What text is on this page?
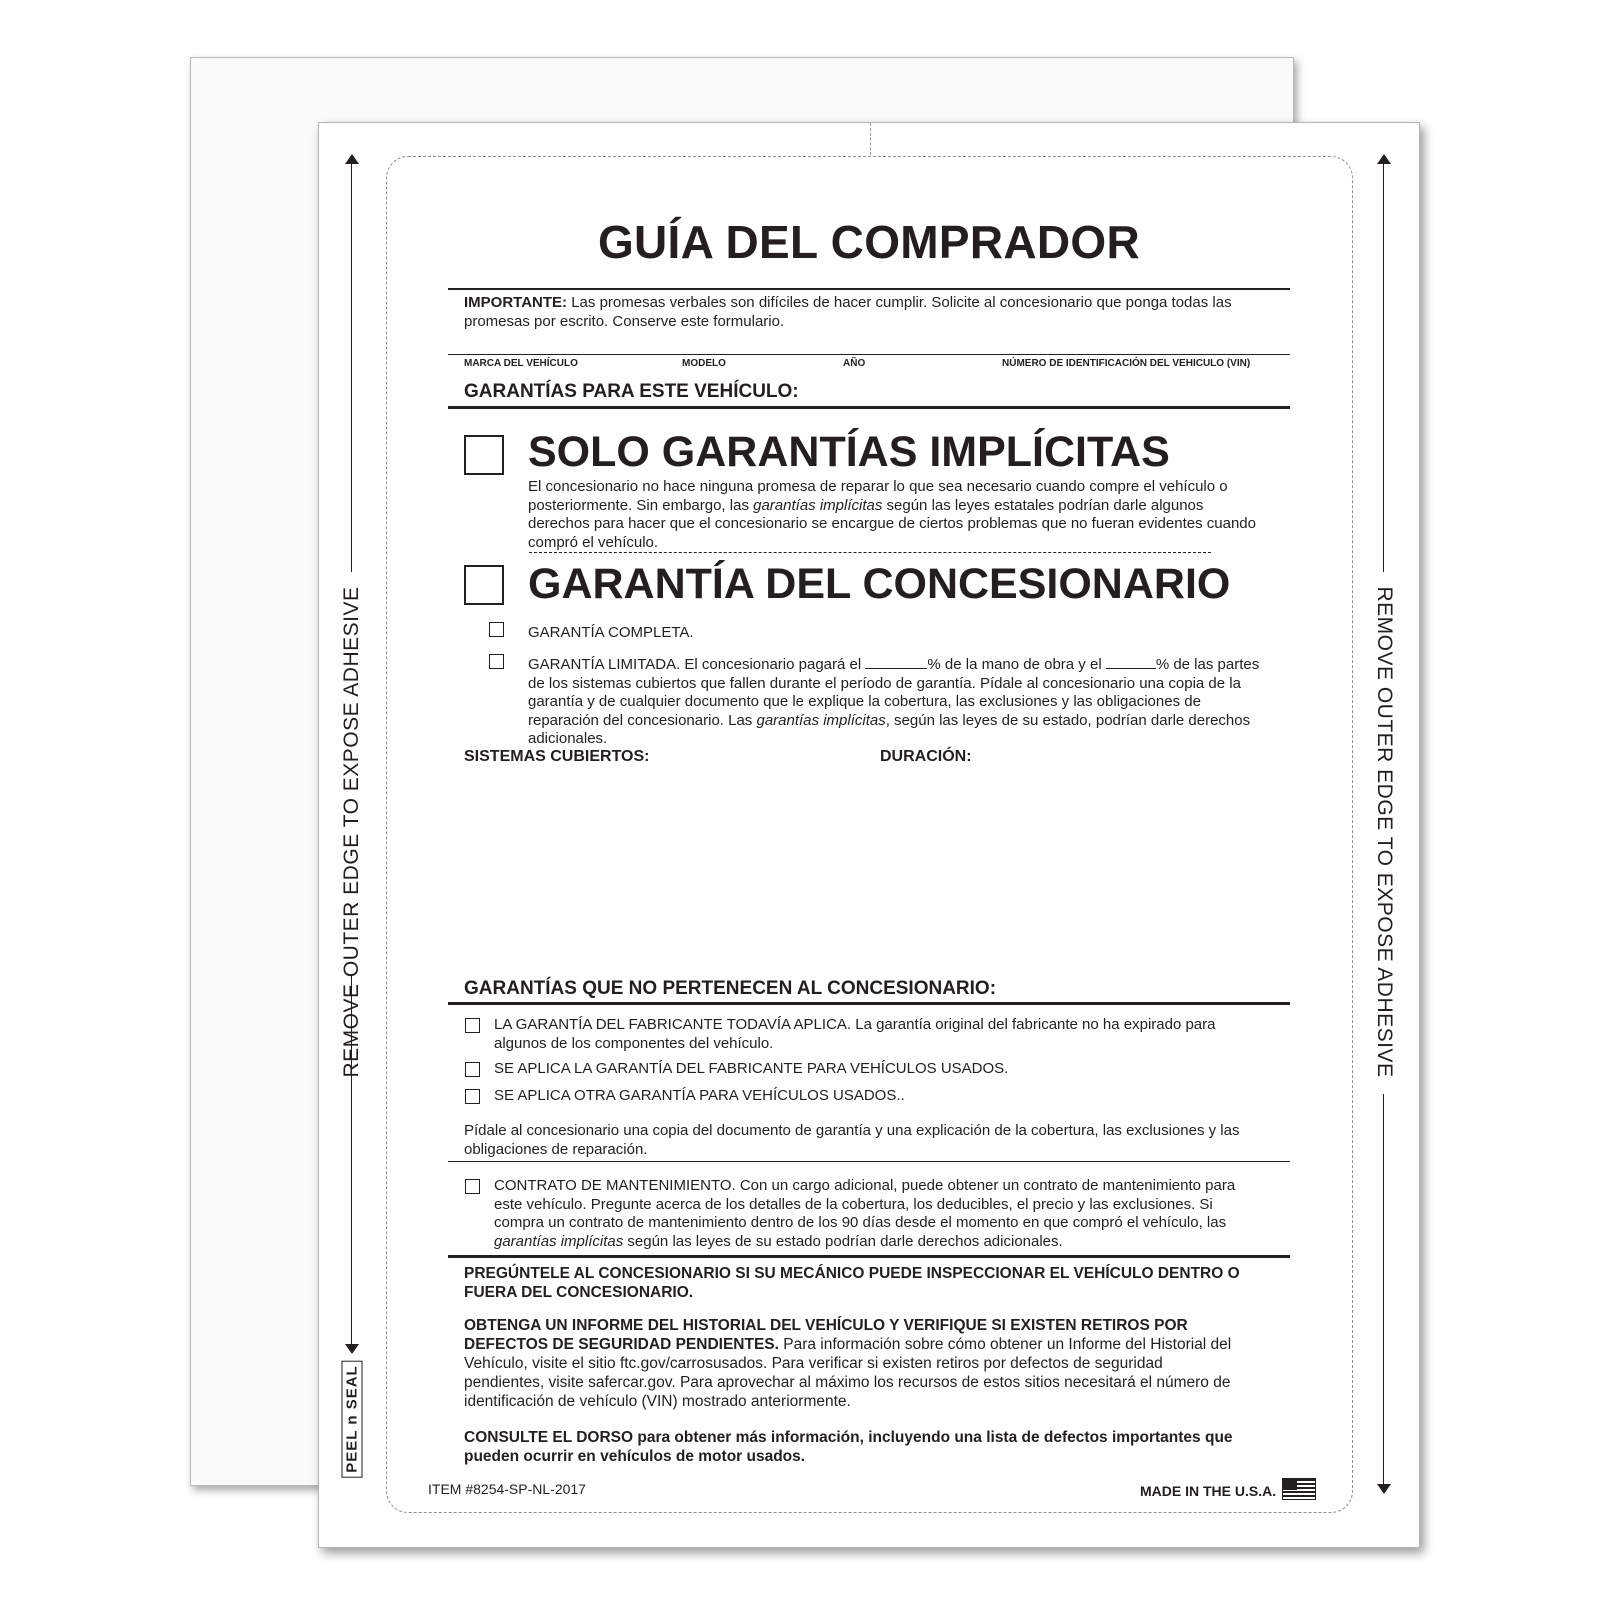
REMOVE OUTER EDGE TO EXPOSE ADHESIVE	REMOVE OUTER EDGE TO EXPOSE ADHESIVE
PEEL n SEAL
GUÍA DEL COMPRADOR
IMPORTANTE: Las promesas verbales son difíciles de hacer cumplir. Solicite al concesionario que ponga todas las
promesas por escrito. Conserve este formulario.
MARCA DEL VEHÍCULO	MODELO	AÑO	NÚMERO DE IDENTIFICACIÓN DEL VEHICULO (VIN)
GARANTÍAS PARA ESTE VEHÍCULO:
SOLO GARANTÍAS IMPLÍCITAS
El concesionario no hace ninguna promesa de reparar lo que sea necesario cuando compre el vehículo o
posteriormente. Sin embargo, las garantías implícitas según las leyes estatales podrían darle algunos
derechos para hacer que el concesionario se encargue de ciertos problemas que no fueran evidentes cuando
compró el vehículo.
GARANTÍA DEL CONCESIONARIO
GARANTÍA COMPLETA.
GARANTÍA LIMITADA. El concesionario pagará el	% de la mano de obra y el	% de las partes
de los sistemas cubiertos que fallen durante el período de garantía. Pídale al concesionario una copia de la
garantía y de cualquier documento que le explique la cobertura, las exclusiones y las obligaciones de
reparación del concesionario. Las garantías implícitas, según las leyes de su estado, podrían darle derechos
adicionales.
SISTEMAS CUBIERTOS:	DURACIÓN:
GARANTÍAS QUE NO PERTENECEN AL CONCESIONARIO:
LA GARANTÍA DEL FABRICANTE TODAVÍA APLICA. La garantía original del fabricante no ha expirado para
algunos de los componentes del vehículo.
SE APLICA LA GARANTÍA DEL FABRICANTE PARA VEHÍCULOS USADOS.
SE APLICA OTRA GARANTÍA PARA VEHÍCULOS USADOS..
Pídale al concesionario una copia del documento de garantía y una explicación de la cobertura, las exclusiones y las
obligaciones de reparación.
CONTRATO DE MANTENIMIENTO. Con un cargo adicional, puede obtener un contrato de mantenimiento para
este vehículo. Pregunte acerca de los detalles de la cobertura, los deducibles, el precio y las exclusiones. Si
compra un contrato de mantenimiento dentro de los 90 días desde el momento en que compró el vehículo, las
garantías implícitas según las leyes de su estado podrían darle derechos adicionales.
PREGÚNTELE AL CONCESIONARIO SI SU MECÁNICO PUEDE INSPECCIONAR EL VEHÍCULO DENTRO O
FUERA DEL CONCESIONARIO.
OBTENGA UN INFORME DEL HISTORIAL DEL VEHÍCULO Y VERIFIQUE SI EXISTEN RETIROS POR
DEFECTOS DE SEGURIDAD PENDIENTES. Para información sobre cómo obtener un Informe del Historial del
Vehículo, visite el sitio ftc.gov/carrosusados. Para verificar si existen retiros por defectos de seguridad
pendientes, visite safercar.gov. Para aprovechar al máximo los recursos de estos sitios necesitará el número de
identificación de vehículo (VIN) mostrado anteriormente.
CONSULTE EL DORSO para obtener más información, incluyendo una lista de defectos importantes que
pueden ocurrir en vehículos de motor usados.
ITEM #8254-SP-NL-2017	MADE IN THE U.S.A.
